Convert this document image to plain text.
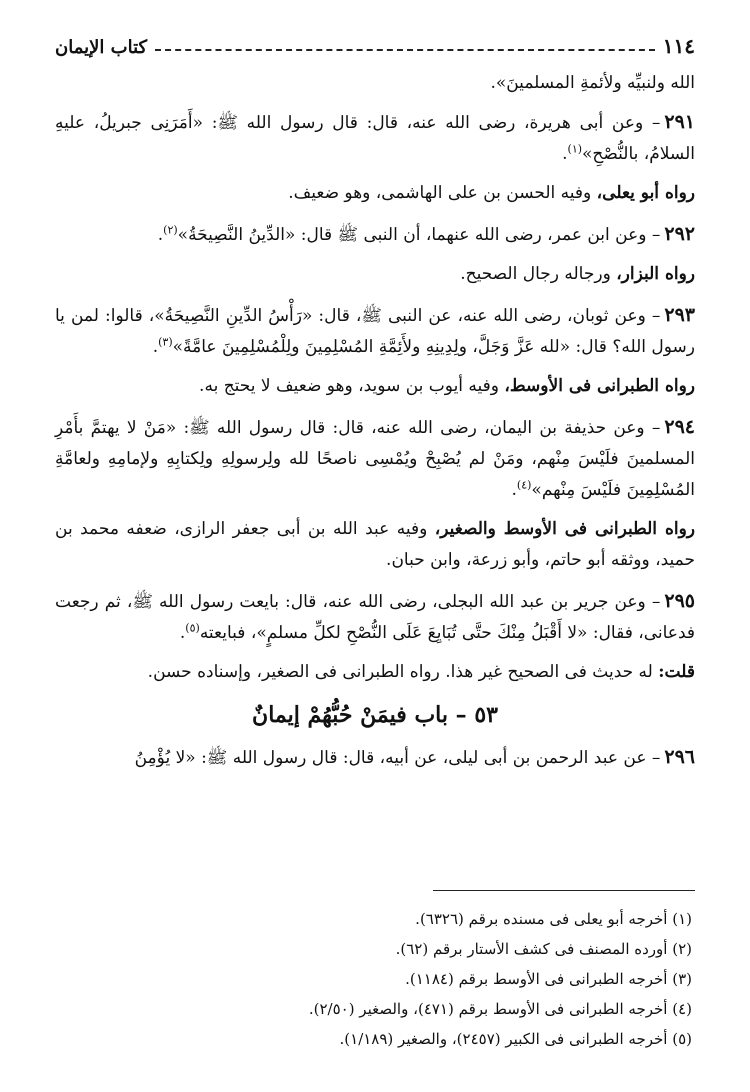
١١٤
كتاب الإيمان

الله ولنبيِّه ولأئمةِ المسلمينَ».

٢٩١– وعن أبى هريرة، رضى الله عنه، قال: قال رسول الله ﷺ: «أَمَرَنِى جبريلُ، عليهِ السلامُ، بالنُّصْحِ»$^{(١)}$.

رواه أبو يعلى، وفيه الحسن بن على الهاشمى، وهو ضعيف.

٢٩٢– وعن ابن عمر، رضى الله عنهما، أن النبى ﷺ قال: «الدِّينُ النَّصِيحَةُ»$^{(٢)}$.

رواه البزار، ورجاله رجال الصحيح.

٢٩٣– وعن ثوبان، رضى الله عنه، عن النبى ﷺ، قال: «رَأْسُ الدِّينِ النَّصِيحَةُ»، قالوا: لمن يا رسول الله؟ قال: «لله عَزَّ وَجَلَّ، ولِدِينِهِ ولأَئِمَّةِ المُسْلِمِينَ ولِلْمُسْلِمِينَ عامَّةً»$^{(٣)}$.

رواه الطبرانى فى الأوسط، وفيه أيوب بن سويد، وهو ضعيف لا يحتج به.

٢٩٤– وعن حذيفة بن اليمان، رضى الله عنه، قال: قال رسول الله ﷺ: «مَنْ لا يهتمَّ بأَمْرِ المسلمينَ فلَيْسَ مِنْهم، ومَنْ لم يُصْبِحْ ويُمْسِى ناصحًا لله ولِرسولِهِ ولِكتابِهِ ولإمامِهِ ولعامَّةِ المُسْلِمِينَ فلَيْسَ مِنْهم»$^{(٤)}$.

رواه الطبرانى فى الأوسط والصغير، وفيه عبد الله بن أبى جعفر الرازى، ضعفه محمد بن حميد، ووثقه أبو حاتم، وأبو زرعة، وابن حبان.

٢٩٥– وعن جرير بن عبد الله البجلى، رضى الله عنه، قال: بايعت رسول الله ﷺ، ثم رجعت فدعانى، فقال: «لا أَقْبَلُ مِنْكَ حتَّى تُبَايِعَ عَلَى النُّصْحِ لكلِّ مسلمٍ»، فبايعته$^{(٥)}$.

قلت: له حديث فى الصحيح غير هذا. رواه الطبرانى فى الصغير، وإسناده حسن.

٥٣ – باب فيمَنْ حُبُّهُمْ إيمانٌ

٢٩٦– عن عبد الرحمن بن أبى ليلى، عن أبيه، قال: قال رسول الله ﷺ: «لا يُؤْمِنُ

(١) أخرجه أبو يعلى فى مسنده برقم (٦٣٢٦).
(٢) أورده المصنف فى كشف الأستار برقم (٦٢).
(٣) أخرجه الطبرانى فى الأوسط برقم (١١٨٤).
(٤) أخرجه الطبرانى فى الأوسط برقم (٤٧١)، والصغير (٢/٥٠).
(٥) أخرجه الطبرانى فى الكبير (٢٤٥٧)، والصغير (١/١٨٩).
